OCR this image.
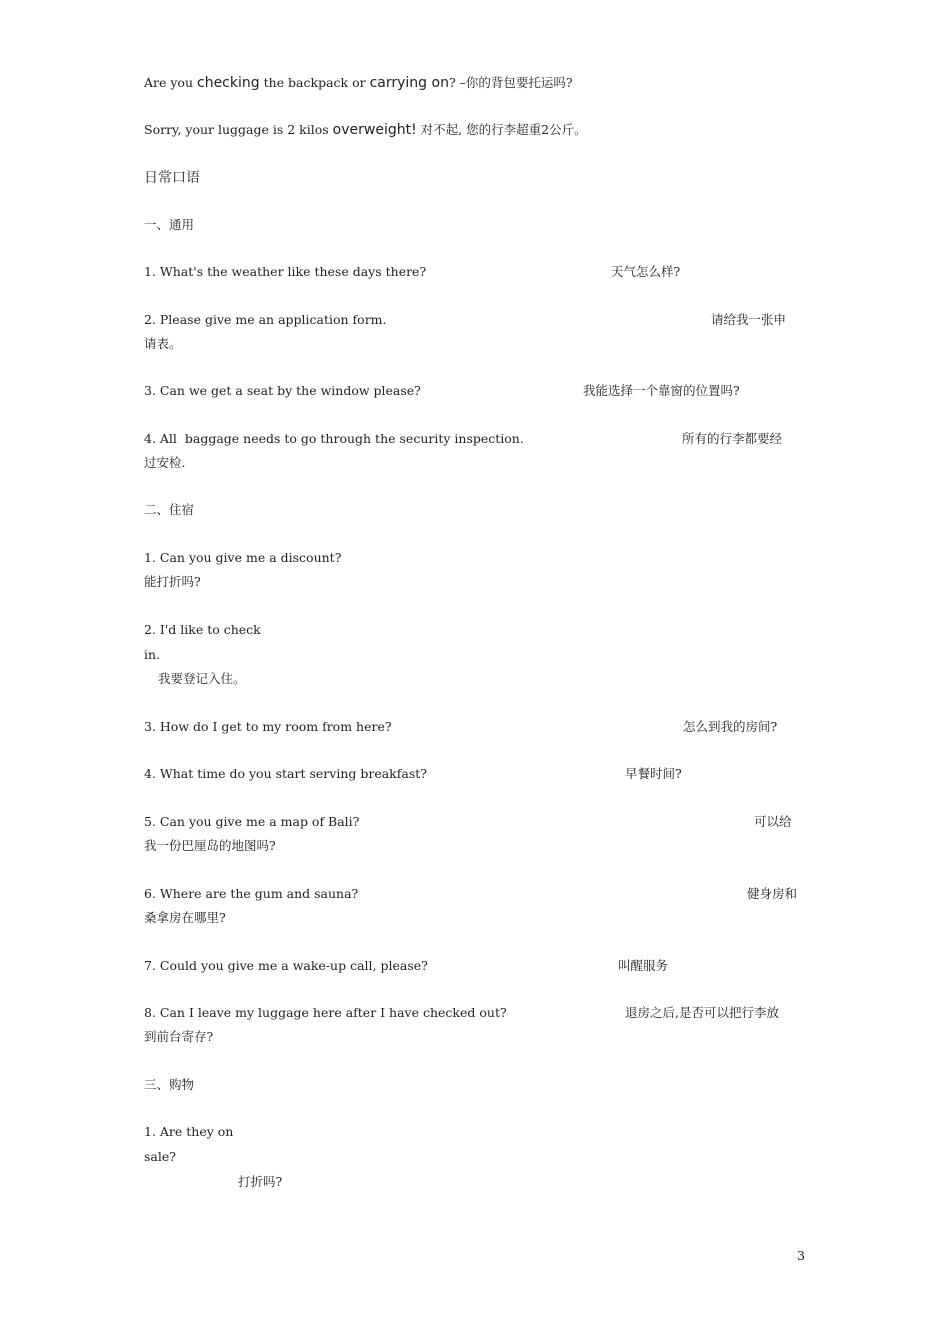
Are you checking the backpack or carrying on? –你的背包要托运吗?
Sorry, your luggage is 2 kilos overweight! 对不起, 您的行李超重2公斤。
日常口语
一、通用
1. What's the weather like these days there?	天气怎么样?
2. Please give me an application form.	请给我一张申
请表。
3. Can we get a seat by the window please?	我能选择一个靠窗的位置吗?
4. All  baggage needs to go through the security inspection.	所有的行李都要经
过安检.
二、住宿
1. Can you give me a discount?
能打折吗?
2. I'd like to check
in.
我要登记入住。
3. How do I get to my room from here?	怎么到我的房间?
4. What time do you start serving breakfast?	早餐时间?
5. Can you give me a map of Bali?	可以给
我一份巴厘岛的地图吗?
6. Where are the gum and sauna?	健身房和
桑拿房在哪里?
7. Could you give me a wake-up call, please?	叫醒服务
8. Can I leave my luggage here after I have checked out?	退房之后,是否可以把行李放
到前台寄存?
三、购物
1. Are they on
sale?
打折吗?
3
